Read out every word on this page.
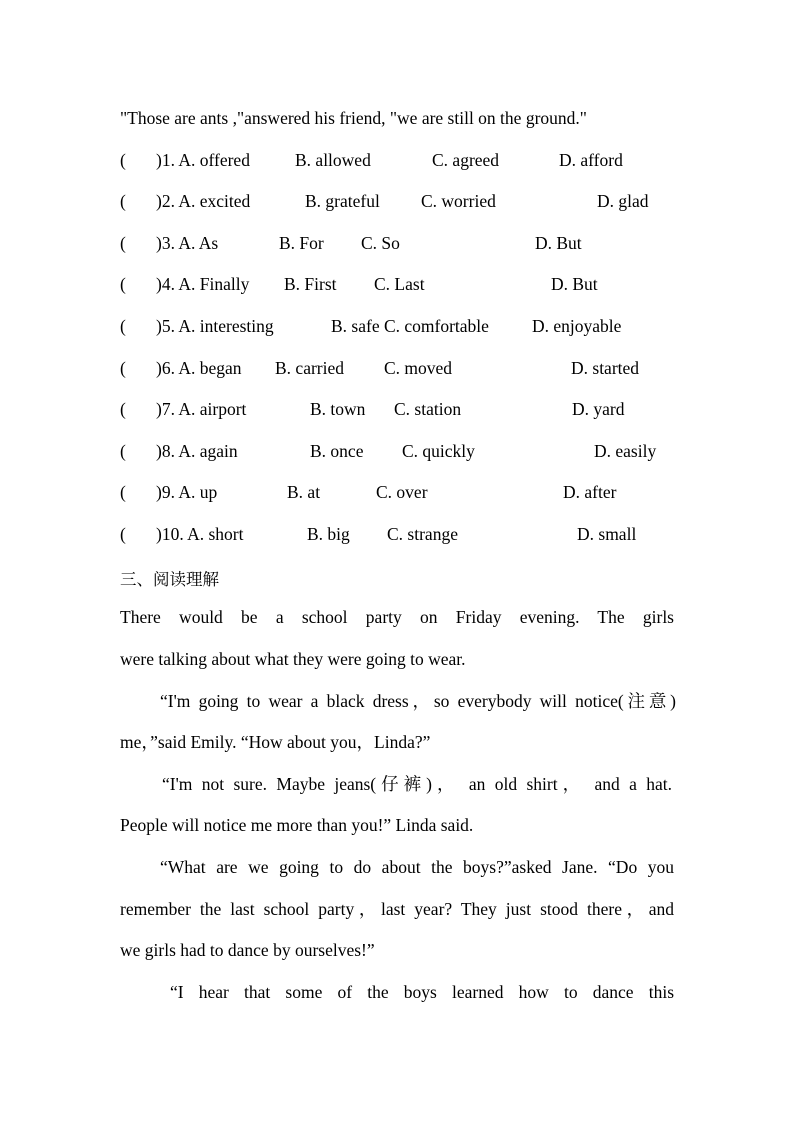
"Those are ants ,"answered his friend, "we are still on the ground."
( )1. A. offered	B. allowed	C. agreed	D. afford
( )2. A. excited	B. grateful C. worried	D. glad
( )3. A. As	B. For C. So	D. But
( )4. A. Finally B. First C. Last	D. But
( )5. A. interesting	B. safe C. comfortable D. enjoyable
( )6. A. began B. carried C. moved	D. started
( )7. A. airport	B. town C. station	D. yard
( )8. A. again	B. once C. quickly	D. easily
( )9. A. up	B. at	C. over	D. after
( )10. A. short	B. big C. strange	D. small
三、阅读理解
There would be a school party on Friday evening. The girls
were talking about what they were going to wear.
“I'm going to wear a black dress，so everybody will notice(注意)
me，”said Emily. “How about you，Linda?”
“I'm not sure. Maybe jeans(仔裤)， an old shirt， and a hat.
People will notice me more than you!” Linda said.
“What are we going to do about the boys?”asked Jane. “Do you
remember the last school party，last year? They just stood there，and
we girls had to dance by ourselves!”
“I hear that some of the boys learned how to dance this
